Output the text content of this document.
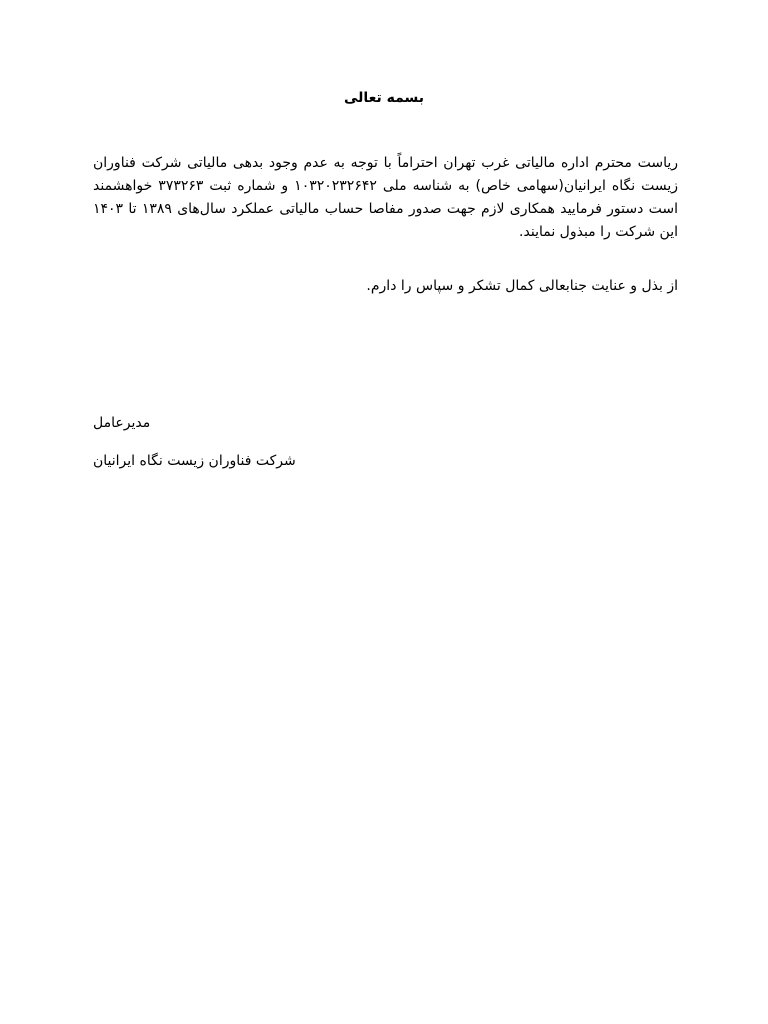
بسمه تعالی
ریاست محترم اداره مالیاتی غرب تهران احتراماً با توجه به عدم وجود بدهی مالیاتی شرکت فناوران زیست نگاه ایرانیان(سهامی خاص) به شناسه ملی ۱۰۳۲۰۲۳۲۶۴۲ و شماره ثبت ۳۷۳۲۶۳ خواهشمند است دستور فرمایید همکاری لازم جهت صدور مفاصا حساب مالیاتی عملکرد سال‌های ۱۳۸۹ تا ۱۴۰۳ این شرکت را مبذول نمایند.
از بذل و عنایت جنابعالی کمال تشکر و سپاس را دارم.
مدیرعامل
شرکت فناوران زیست نگاه ایرانیان
